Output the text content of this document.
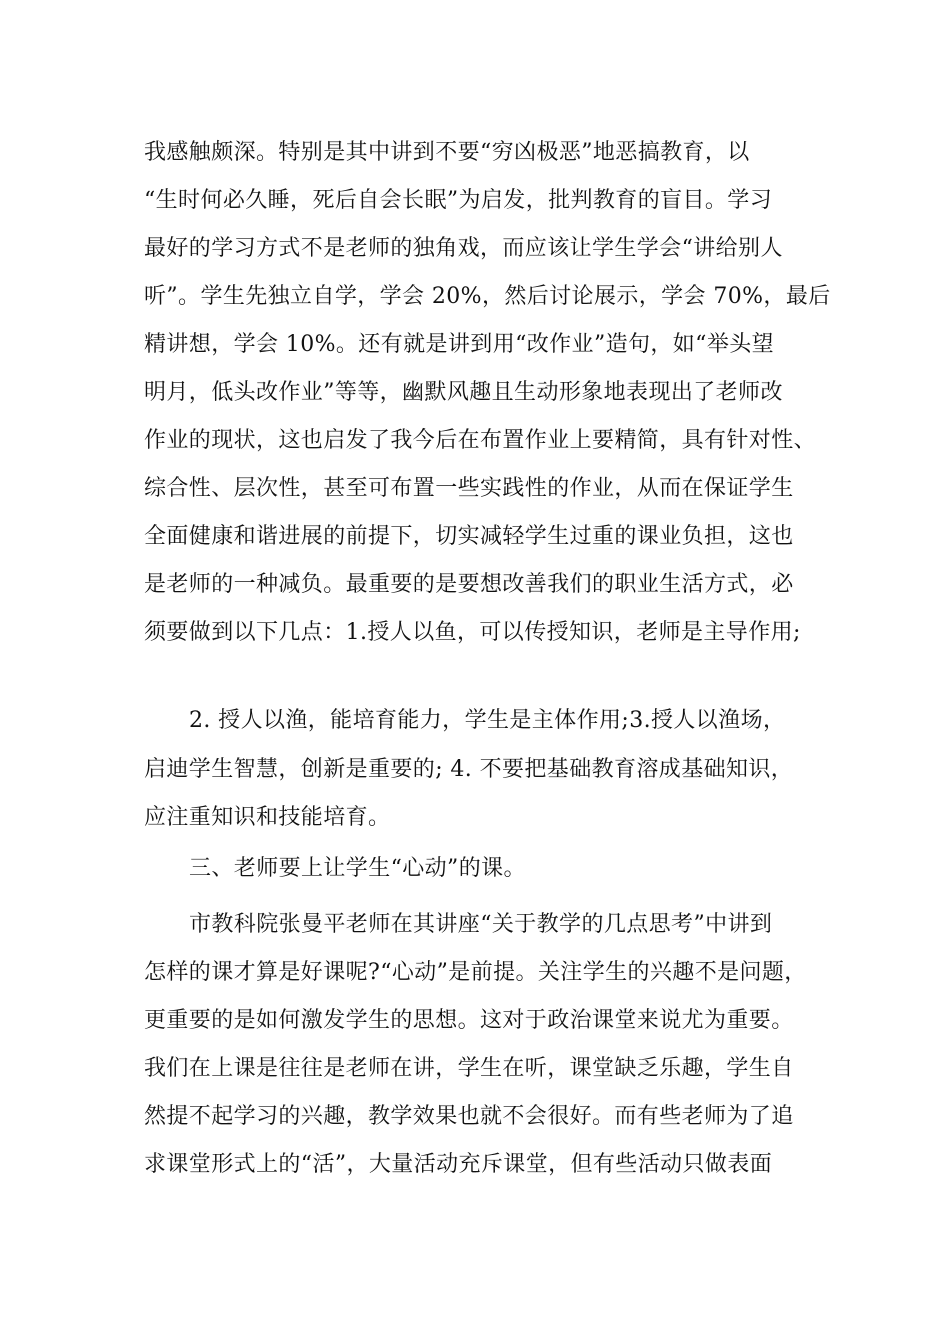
我感触颇深。特别是其中讲到不要“穷凶极恶”地恶搞教育，以
“生时何必久睡，死后自会长眠”为启发，批判教育的盲目。学习
最好的学习方式不是老师的独角戏，而应该让学生学会“讲给别人
听”。学生先独立自学，学会 20%，然后讨论展示，学会 70%，最后
精讲想，学会 10%。还有就是讲到用“改作业”造句，如“举头望
明月，低头改作业”等等，幽默风趣且生动形象地表现出了老师改
作业的现状，这也启发了我今后在布置作业上要精简，具有针对性、
综合性、层次性，甚至可布置一些实践性的作业，从而在保证学生
全面健康和谐进展的前提下，切实减轻学生过重的课业负担，这也
是老师的一种减负。最重要的是要想改善我们的职业生活方式，必
须要做到以下几点：1.授人以鱼，可以传授知识，老师是主导作用;
2. 授人以渔，能培育能力，学生是主体作用;3.授人以渔场，
启迪学生智慧，创新是重要的; 4. 不要把基础教育溶成基础知识，
应注重知识和技能培育。
三、老师要上让学生“心动”的课。
市教科院张曼平老师在其讲座“关于教学的几点思考”中讲到
怎样的课才算是好课呢?“心动”是前提。关注学生的兴趣不是问题，
更重要的是如何激发学生的思想。这对于政治课堂来说尤为重要。
我们在上课是往往是老师在讲，学生在听，课堂缺乏乐趣，学生自
然提不起学习的兴趣，教学效果也就不会很好。而有些老师为了追
求课堂形式上的“活”，大量活动充斥课堂，但有些活动只做表面
